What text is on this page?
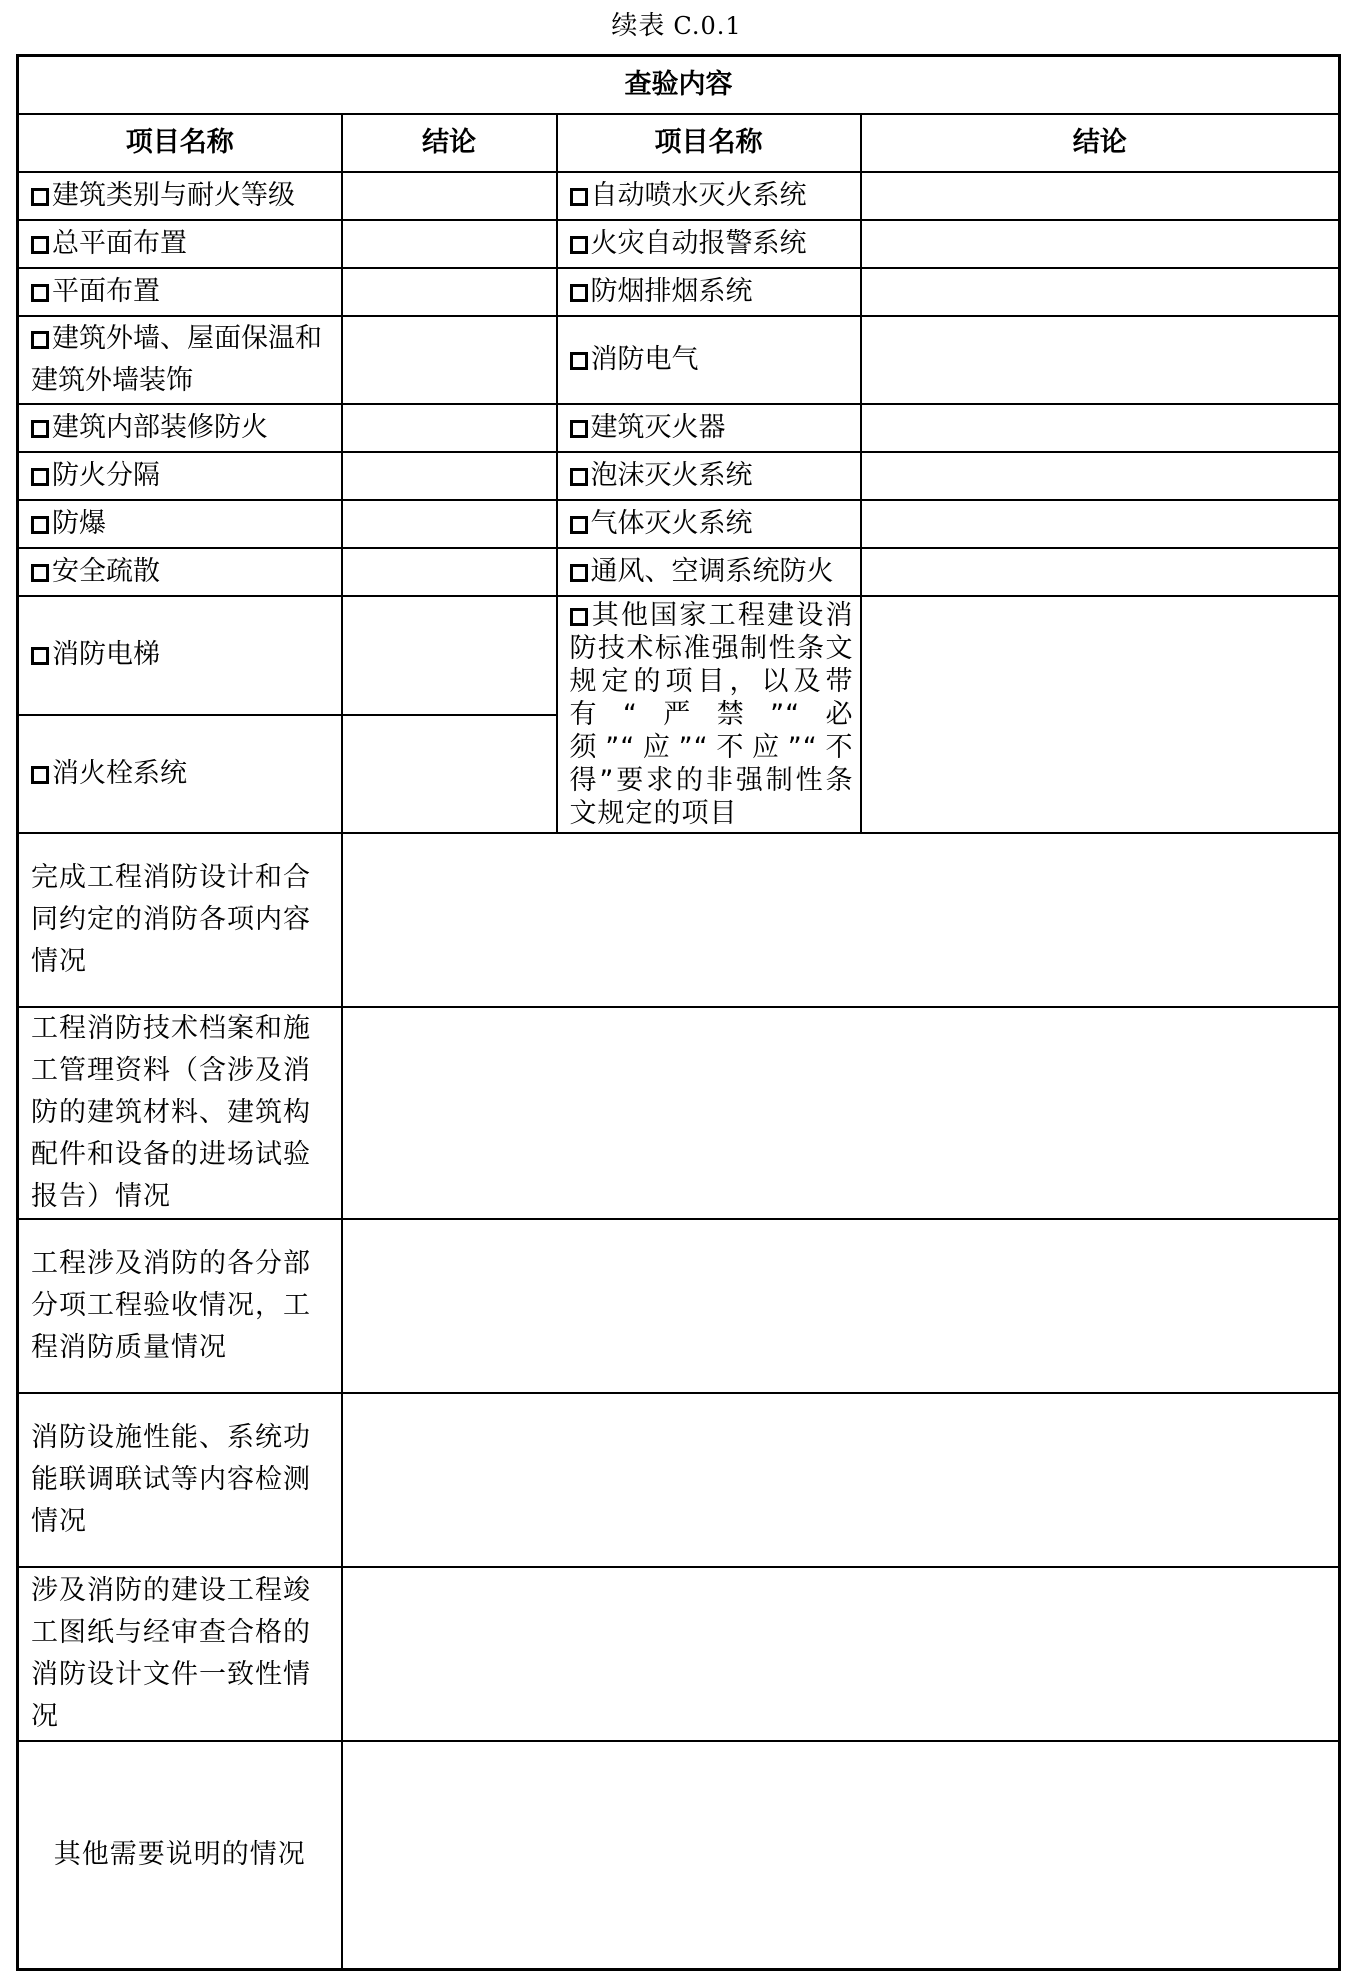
续表 C.0.1
查验内容			
项目名称	结论	项目名称	结论
建筑类别与耐火等级		自动喷水灭火系统	
总平面布置		火灾自动报警系统	
平面布置		防烟排烟系统	
建筑外墙、屋面保温和建筑外墙装饰		消防电气	
建筑内部装修防火		建筑灭火器	
防火分隔		泡沫灭火系统	
防爆		气体灭火系统	
安全疏散		通风、空调系统防火	
消防电梯		其他国家工程建设消防技术标准强制性条文规定的项目，以及带有“严禁”“必须”“应”“不应”“不得”要求的非强制性条文规定的项目	

消火栓系统			
完成工程消防设计和合同约定的消防各项内容情况			
工程消防技术档案和施工管理资料（含涉及消防的建筑材料、建筑构配件和设备的进场试验报告）情况			
工程涉及消防的各分部分项工程验收情况，工程消防质量情况			
消防设施性能、系统功能联调联试等内容检测情况			
涉及消防的建设工程竣工图纸与经审查合格的消防设计文件一致性情况			
其他需要说明的情况			
